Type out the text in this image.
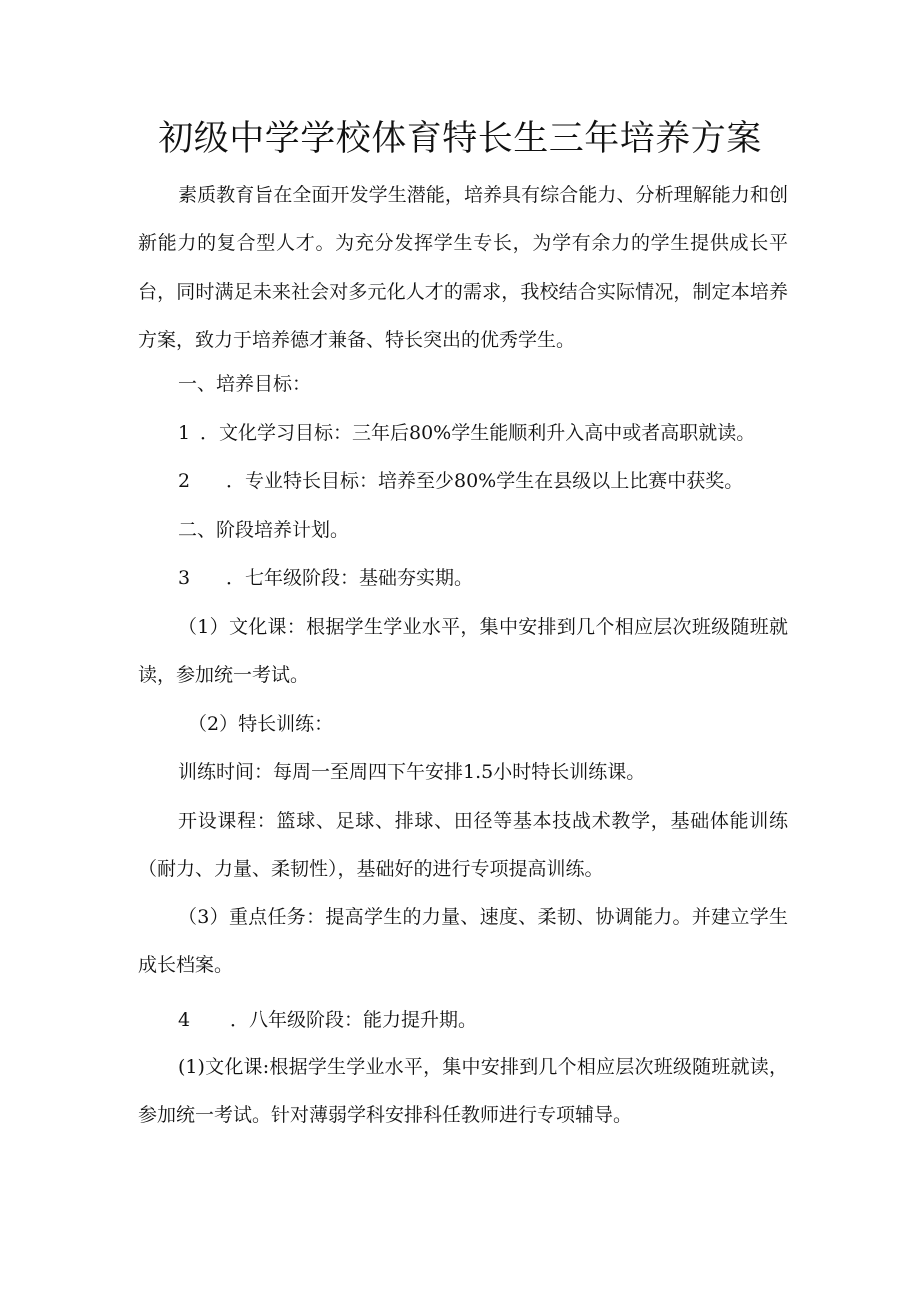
初级中学学校体育特长生三年培养方案

素质教育旨在全面开发学生潜能，培养具有综合能力、分析理解能力和创新能力的复合型人才。为充分发挥学生专长，为学有余力的学生提供成长平台，同时满足未来社会对多元化人才的需求，我校结合实际情况，制定本培养方案，致力于培养德才兼备、特长突出的优秀学生。

一、培养目标：

1 ．文化学习目标：三年后80%学生能顺利升入高中或者高职就读。

2 ．专业特长目标：培养至少80%学生在县级以上比赛中获奖。

二、阶段培养计划。

3 ．七年级阶段：基础夯实期。

（1）文化课：根据学生学业水平，集中安排到几个相应层次班级随班就读，参加统一考试。

（2）特长训练：

训练时间：每周一至周四下午安排1.5小时特长训练课。

开设课程：篮球、足球、排球、田径等基本技战术教学，基础体能训练（耐力、力量、柔韧性），基础好的进行专项提高训练。

（3）重点任务：提高学生的力量、速度、柔韧、协调能力。并建立学生成长档案。

4 ．八年级阶段：能力提升期。

(1)文化课:根据学生学业水平，集中安排到几个相应层次班级随班就读，参加统一考试。针对薄弱学科安排科任教师进行专项辅导。
